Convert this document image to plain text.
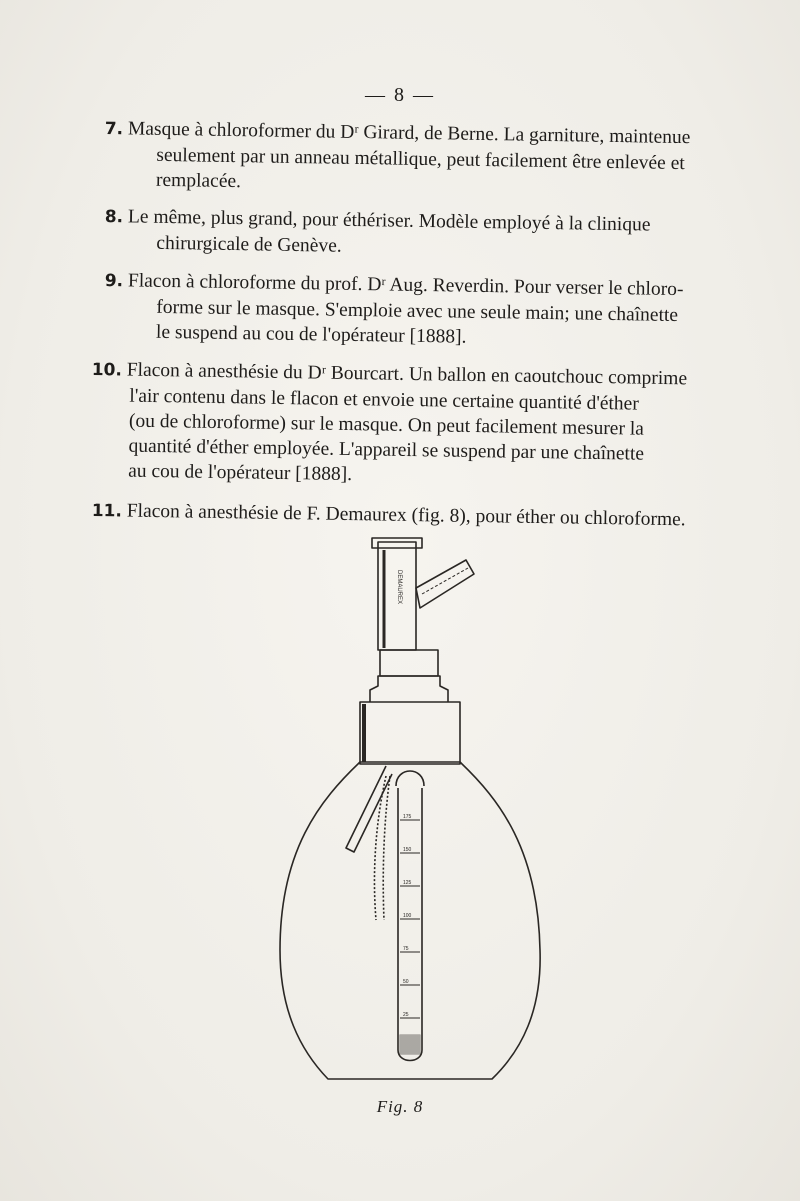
— 8 —
7. Masque à chloroformer du Dʳ Girard, de Berne. La garniture, maintenue
seulement par un anneau métallique, peut facilement être enlevée et
remplacée.
8. Le même, plus grand, pour éthériser. Modèle employé à la clinique
chirurgicale de Genève.
9. Flacon à chloroforme du prof. Dʳ Aug. Reverdin. Pour verser le chloro-
forme sur le masque. S'emploie avec une seule main; une chaînette
le suspend au cou de l'opérateur [1888].
10. Flacon à anesthésie du Dʳ Bourcart. Un ballon en caoutchouc comprime
l'air contenu dans le flacon et envoie une certaine quantité d'éther
(ou de chloroforme) sur le masque. On peut facilement mesurer la
quantité d'éther employée. L'appareil se suspend par une chaînette
au cou de l'opérateur [1888].
11. Flacon à anesthésie de F. Demaurex (fig. 8), pour éther ou chloroforme.
DEMAUREX
175
150
125
100
75
50
25
Fig. 8
